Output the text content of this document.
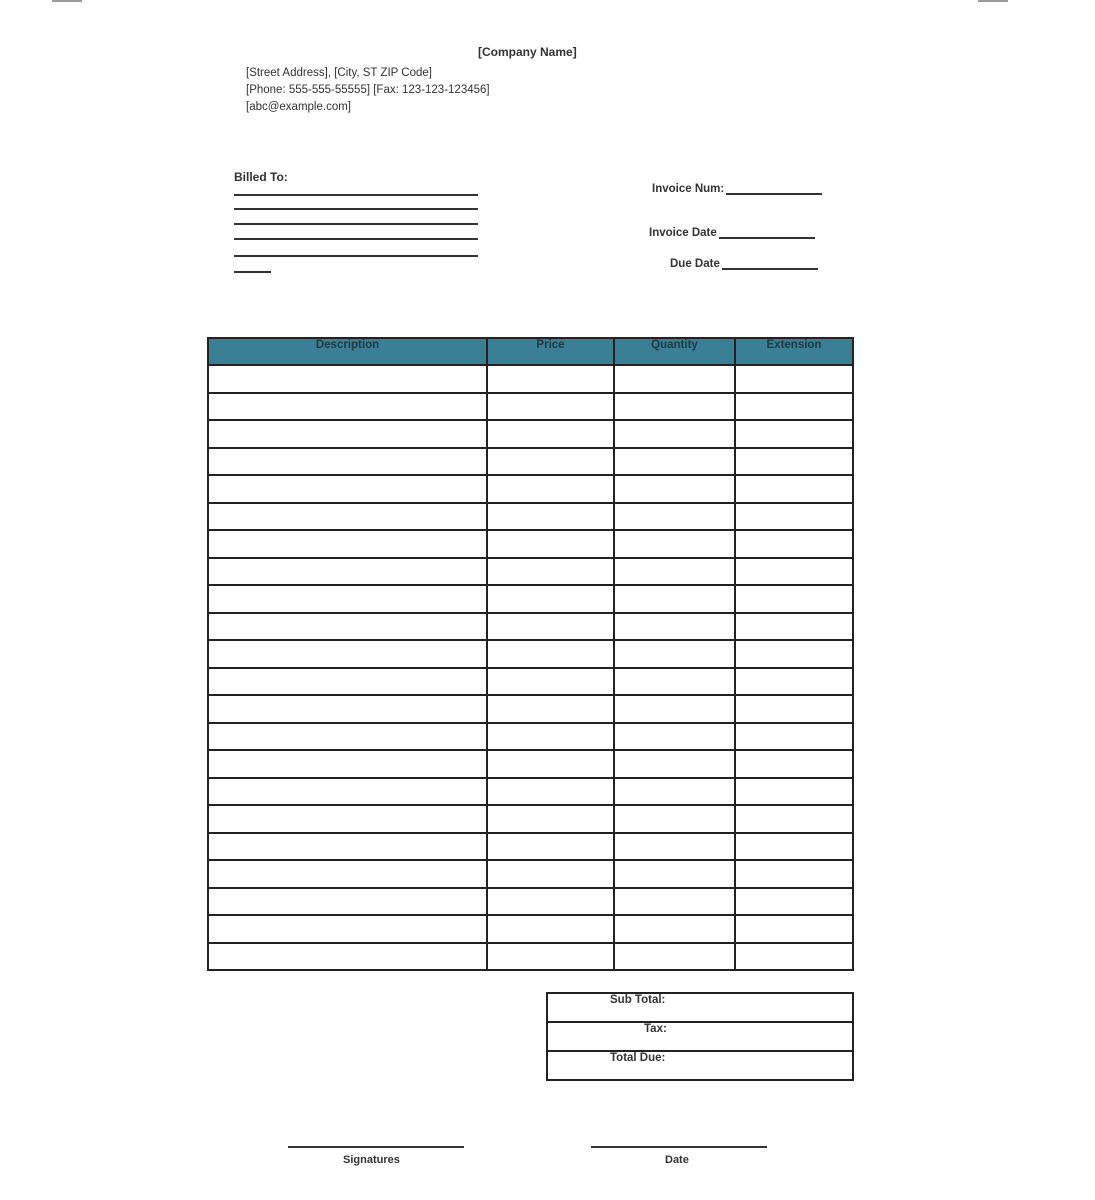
[Company Name]
[Street Address], [City, ST ZIP Code]
[Phone: 555-555-55555] [Fax: 123-123-123456]
[abc@example.com]
Billed To:
Invoice Num:
Invoice Date
Due Date
Description	Price	Quantity	Extension

Sub Total:
Tax:
Total Due:
Signatures	Date
